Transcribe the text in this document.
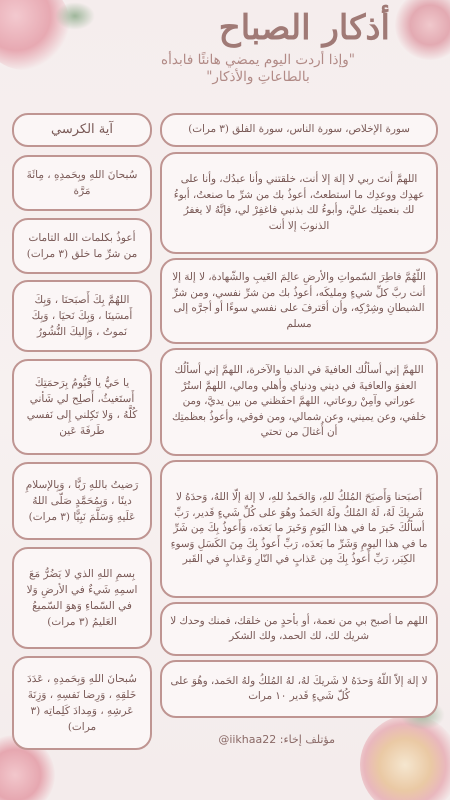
أذكار الصباح
"وإذا أردت اليوم يمضي هانئًا فابدأه بالطاعاتِ والأذكار"
آية الكرسي
سُبحانَ اللهِ وبِحَمدِهِ ، مِائَةَ مَرَّة
أعوذُ بكلمات الله التامات من شرِّ ما خلق (٣ مرات)
اللهُمَّ بِكَ أَصبَحنَا ، وَبِكَ أَمسَينَا ، وَبِكَ نَحيَا ، وَبِكَ نَموتُ ، وَإِليكَ النُّشُورُ
يا حَيُّ يا قَيُّومُ بِرَحمَتِكَ أَستَغيثُ، أَصلِح لي شَأني كُلَّهُ ، وَلا تَكِلني إِلى نَفسي طَرفَةَ عَين
رَضيتُ باللهِ رَبًّا ، وَبِالإسلامِ دينًا ، وَبِمُحَمَّدٍ صَلّى اللهُ عَلَيهِ وَسَلَّمَ نَبِيًّا (٣ مرات)
بِسمِ اللهِ الذي لا يَضُرُّ مَعَ اسمِهِ شَيءٌ في الأرضِ وَلا في السّماءِ وَهوَ السّميعُ العَليمُ (٣ مرات)
سُبحانَ اللهِ وَبِحَمدِهِ ، عَدَدَ خَلقِهِ ، وَرِضا نَفسِهِ ، وَزِنَةَ عَرشِهِ ، وَمِدادَ كَلِماتِه (٣ مرات)
سورة الإخلاص، سورة الناس، سورة الفلق (٣ مرات)
اللهمَّ أنتَ ربي لا إلهَ إلا أنت، خلقتني وأنا عبدُك، وأنا على عهدِك ووعدِك ما استطعتُ، أعوذُ بك من شرِّ ما صنعتُ، أبوءُ لك بنعمتِك عليَّ، وأبوءُ لك بذنبي فاغفِرْ لي، فإنَّهُ لا يغفرُ الذنوبَ إلا أنت
اللّهُمَّ فاطِرَ السّمواتِ والأرضِ عالِمَ الغَيبِ والشّهادة، لا إلهَ إلا أنت ربَّ كلِّ شيءٍ ومليكَه، أعوذُ بك من شرِّ نفسي، ومن شرِّ الشيطانِ وشِرْكِه، وأن أقترفَ على نفسي سوءًا أو أجرَّه إلى مسلم
اللهمَّ إني أسألُك العافيةَ في الدنيا والآخرة، اللهمَّ إني أسألُك العفوَ والعافيةَ في ديني ودنياي وأهلي ومالي، اللهمَّ استُرْ عوراتي وآمِنْ روعاتي، اللهمَّ احفَظني من بين يديَّ، ومن خلفي، وعن يميني، وعن شمالي، ومن فوقي، وأعوذُ بعظمتِك أن أُغتالَ من تحتي
أَصبَحنا وَأَصبَحَ المُلكُ للهِ، وَالحَمدُ للهِ، لا إلهَ إلّا اللهُ، وَحدَهُ لا شَريكَ لَهُ، لَهُ المُلكُ ولَهُ الحَمدُ وهُوَ على كُلِّ شَيءٍ قَدير، رَبِّ أسألُكَ خَيرَ ما في هذا اليَومِ وَخَيرَ ما بَعدَه، وَأَعوذُ بِكَ مِن شَرِّ ما في هذا اليومِ وَشَرِّ ما بَعدَه، رَبِّ أَعوذُ بِكَ مِنَ الكَسَلِ وَسوءِ الكِبَر، رَبِّ أَعوذُ بِكَ مِن عَذابٍ في النّارِ وَعَذابٍ في القَبر
اللهم ما أصبح بي من نعمة، أو بأحدٍ من خلقك، فمنك وحدك لا شريك لك، لك الحمد، ولك الشكر
لا إلهَ إلاّ اللّهُ وَحدَهُ لا شَريكَ لهُ، لهُ المُلكُ ولهُ الحَمد، وهُوَ على كُلّ شَيءٍ قَدير ١٠ مرات
مؤتلف إخاء: iikhaa22@
